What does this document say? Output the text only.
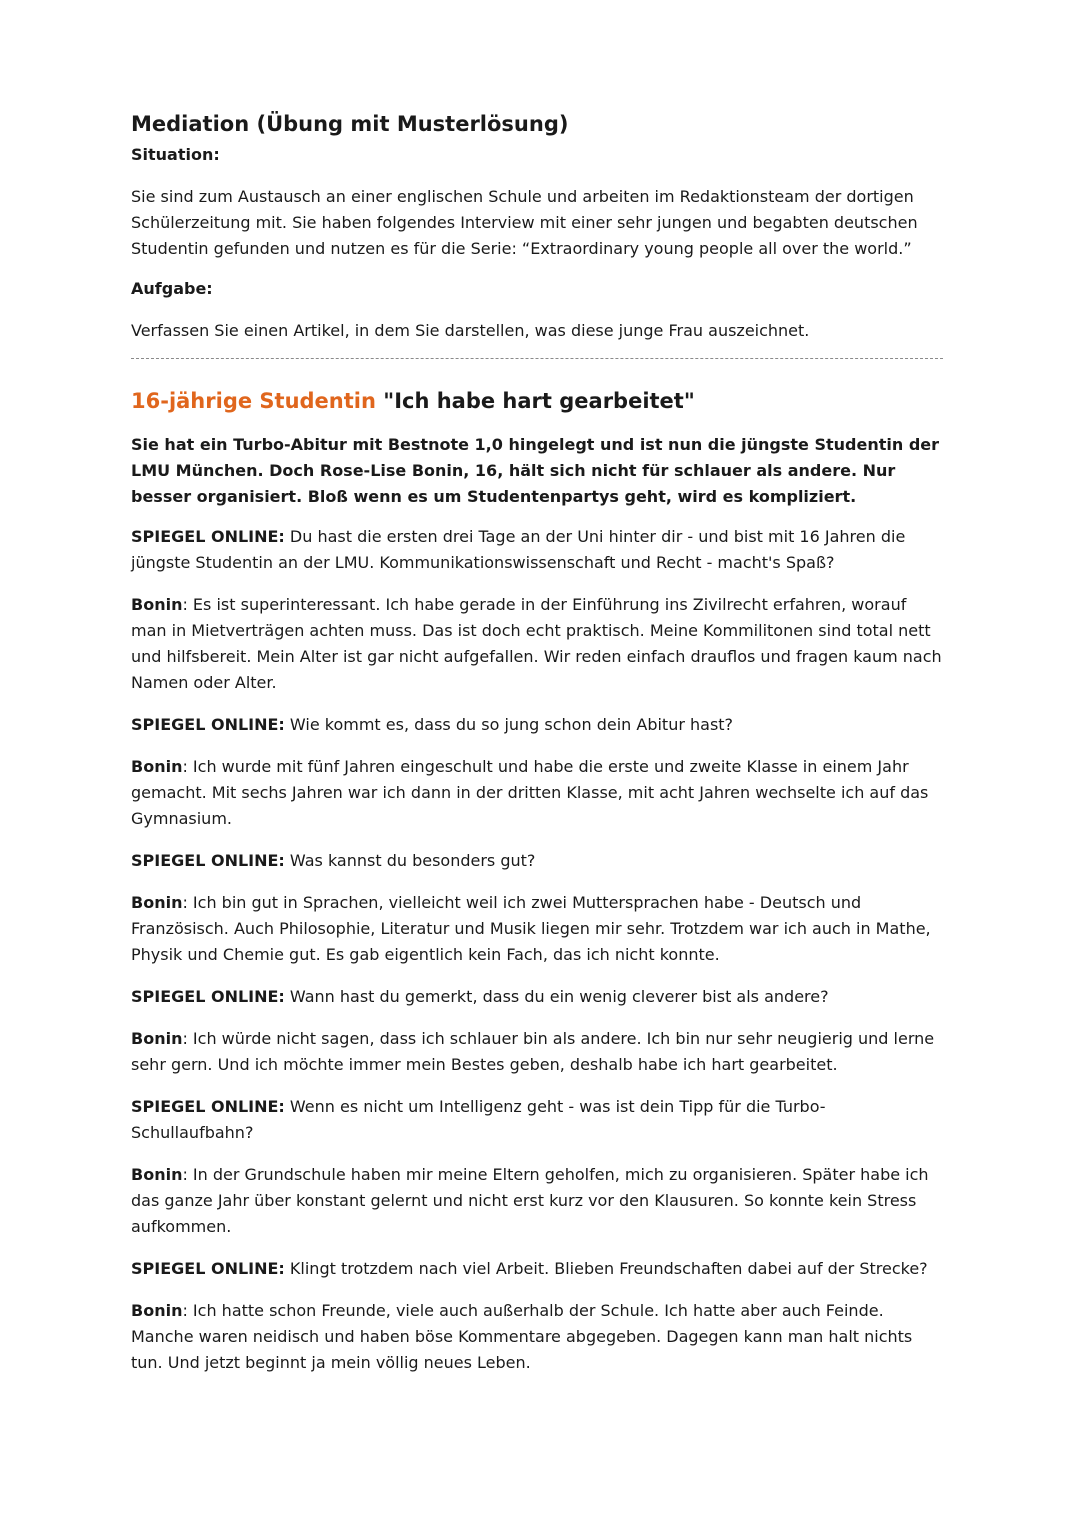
Mediation (Übung mit Musterlösung)

Situation:

Sie sind zum Austausch an einer englischen Schule und arbeiten im Redaktionsteam der dortigen Schülerzeitung mit. Sie haben folgendes Interview mit einer sehr jungen und begabten deutschen Studentin gefunden und nutzen es für die Serie: “Extraordinary young people all over the world.”

Aufgabe:

Verfassen Sie einen Artikel, in dem Sie darstellen, was diese junge Frau auszeichnet.

16-jährige Studentin "Ich habe hart gearbeitet"

Sie hat ein Turbo-Abitur mit Bestnote 1,0 hingelegt und ist nun die jüngste Studentin der LMU München. Doch Rose-Lise Bonin, 16, hält sich nicht für schlauer als andere. Nur besser organisiert. Bloß wenn es um Studentenpartys geht, wird es kompliziert.

SPIEGEL ONLINE: Du hast die ersten drei Tage an der Uni hinter dir - und bist mit 16 Jahren die jüngste Studentin an der LMU. Kommunikationswissenschaft und Recht - macht's Spaß?

Bonin: Es ist superinteressant. Ich habe gerade in der Einführung ins Zivilrecht erfahren, worauf man in Mietverträgen achten muss. Das ist doch echt praktisch. Meine Kommilitonen sind total nett und hilfsbereit. Mein Alter ist gar nicht aufgefallen. Wir reden einfach drauflos und fragen kaum nach Namen oder Alter.

SPIEGEL ONLINE: Wie kommt es, dass du so jung schon dein Abitur hast?

Bonin: Ich wurde mit fünf Jahren eingeschult und habe die erste und zweite Klasse in einem Jahr gemacht. Mit sechs Jahren war ich dann in der dritten Klasse, mit acht Jahren wechselte ich auf das Gymnasium.

SPIEGEL ONLINE: Was kannst du besonders gut?

Bonin: Ich bin gut in Sprachen, vielleicht weil ich zwei Muttersprachen habe - Deutsch und Französisch. Auch Philosophie, Literatur und Musik liegen mir sehr. Trotzdem war ich auch in Mathe, Physik und Chemie gut. Es gab eigentlich kein Fach, das ich nicht konnte.

SPIEGEL ONLINE: Wann hast du gemerkt, dass du ein wenig cleverer bist als andere?

Bonin: Ich würde nicht sagen, dass ich schlauer bin als andere. Ich bin nur sehr neugierig und lerne sehr gern. Und ich möchte immer mein Bestes geben, deshalb habe ich hart gearbeitet.

SPIEGEL ONLINE: Wenn es nicht um Intelligenz geht - was ist dein Tipp für die Turbo-Schullaufbahn?

Bonin: In der Grundschule haben mir meine Eltern geholfen, mich zu organisieren. Später habe ich das ganze Jahr über konstant gelernt und nicht erst kurz vor den Klausuren. So konnte kein Stress aufkommen.

SPIEGEL ONLINE: Klingt trotzdem nach viel Arbeit. Blieben Freundschaften dabei auf der Strecke?

Bonin: Ich hatte schon Freunde, viele auch außerhalb der Schule. Ich hatte aber auch Feinde. Manche waren neidisch und haben böse Kommentare abgegeben. Dagegen kann man halt nichts tun. Und jetzt beginnt ja mein völlig neues Leben.
